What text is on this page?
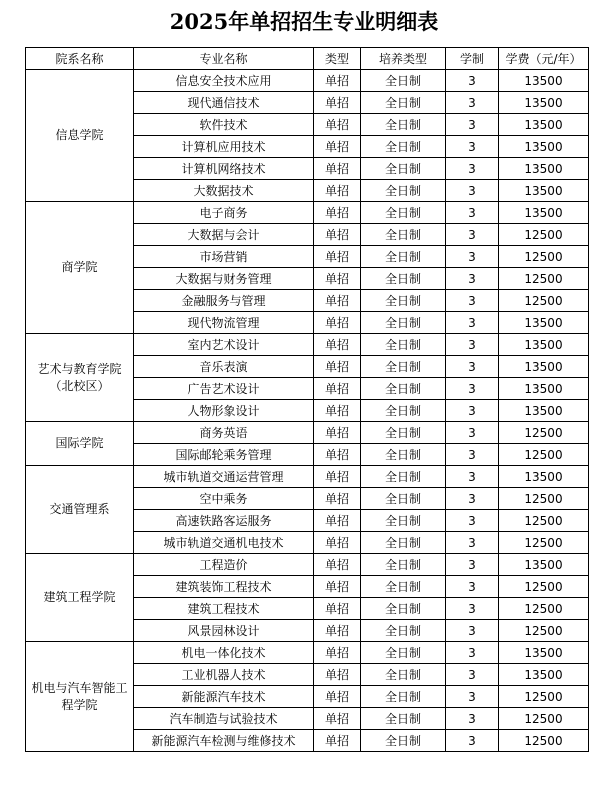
2025年单招招生专业明细表
院系名称	专业名称	类型	培养类型	学制	学费（元/年）
信息学院	信息安全技术应用	单招	全日制	3	13500
	现代通信技术	单招	全日制	3	13500
	软件技术	单招	全日制	3	13500
	计算机应用技术	单招	全日制	3	13500
	计算机网络技术	单招	全日制	3	13500
	大数据技术	单招	全日制	3	13500
商学院	电子商务	单招	全日制	3	13500
	大数据与会计	单招	全日制	3	12500
	市场营销	单招	全日制	3	12500
	大数据与财务管理	单招	全日制	3	12500
	金融服务与管理	单招	全日制	3	12500
	现代物流管理	单招	全日制	3	13500
艺术与教育学院（北校区）	室内艺术设计	单招	全日制	3	13500
	音乐表演	单招	全日制	3	13500
	广告艺术设计	单招	全日制	3	13500
	人物形象设计	单招	全日制	3	13500
国际学院	商务英语	单招	全日制	3	12500
	国际邮轮乘务管理	单招	全日制	3	12500
交通管理系	城市轨道交通运营管理	单招	全日制	3	13500
	空中乘务	单招	全日制	3	12500
	高速铁路客运服务	单招	全日制	3	12500
	城市轨道交通机电技术	单招	全日制	3	12500
建筑工程学院	工程造价	单招	全日制	3	13500
	建筑装饰工程技术	单招	全日制	3	12500
	建筑工程技术	单招	全日制	3	12500
	风景园林设计	单招	全日制	3	12500
机电与汽车智能工程学院	机电一体化技术	单招	全日制	3	13500
	工业机器人技术	单招	全日制	3	13500
	新能源汽车技术	单招	全日制	3	12500
	汽车制造与试验技术	单招	全日制	3	12500
	新能源汽车检测与维修技术	单招	全日制	3	12500
